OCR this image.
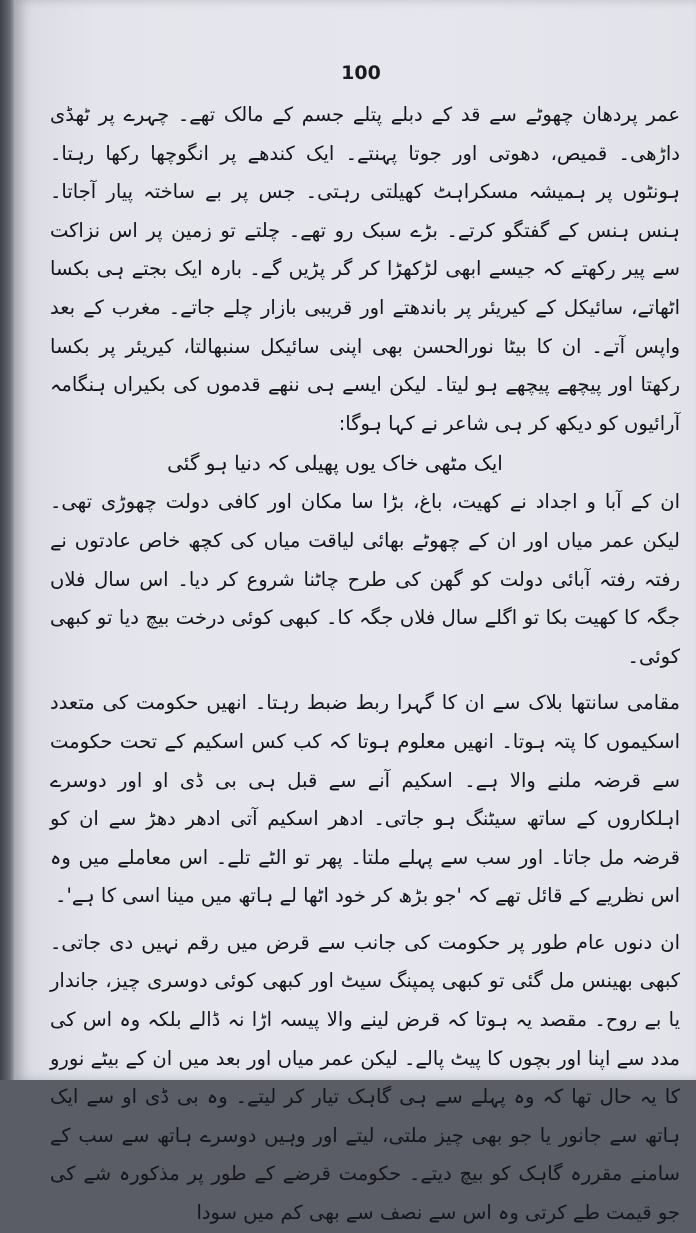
100

عمر پردھان چھوٹے سے قد کے دبلے پتلے جسم کے مالک تھے۔ چہرے پر ٹھڈی داڑھی۔ قمیص، دھوتی اور جوتا پہنتے۔ ایک کندھے پر انگوچھا رکھا رہتا۔ ہونٹوں پر ہمیشہ مسکراہٹ کھیلتی رہتی۔ جس پر بے ساختہ پیار آجاتا۔ ہنس ہنس کے گفتگو کرتے۔ بڑے سبک رو تھے۔ چلتے تو زمین پر اس نزاکت سے پیر رکھتے کہ جیسے ابھی لڑکھڑا کر گر پڑیں گے۔ بارہ ایک بجتے ہی بکسا اٹھاتے، سائیکل کے کیریئر پر باندھتے اور قریبی بازار چلے جاتے۔ مغرب کے بعد واپس آتے۔ ان کا بیٹا نورالحسن بھی اپنی سائیکل سنبھالتا، کیریئر پر بکسا رکھتا اور پیچھے پیچھے ہو لیتا۔ لیکن ایسے ہی ننھے قدموں کی بکیراں ہنگامہ آرائیوں کو دیکھ کر ہی شاعر نے کہا ہوگا:

ایک مٹھی خاک یوں پھیلی کہ دنیا ہو گئی

ان کے آبا و اجداد نے کھیت، باغ، بڑا سا مکان اور کافی دولت چھوڑی تھی۔ لیکن عمر میاں اور ان کے چھوٹے بھائی لیاقت میاں کی کچھ خاص عادتوں نے رفتہ رفتہ آبائی دولت کو گھن کی طرح چاٹنا شروع کر دیا۔ اس سال فلاں جگہ کا کھیت بکا تو اگلے سال فلاں جگہ کا۔ کبھی کوئی درخت بیچ دیا تو کبھی کوئی۔

مقامی سانتھا بلاک سے ان کا گہرا ربط ضبط رہتا۔ انھیں حکومت کی متعدد اسکیموں کا پتہ ہوتا۔ انھیں معلوم ہوتا کہ کب کس اسکیم کے تحت حکومت سے قرضہ ملنے والا ہے۔ اسکیم آنے سے قبل ہی بی ڈی او اور دوسرے اہلکاروں کے ساتھ سیٹنگ ہو جاتی۔ ادھر اسکیم آتی ادھر دھڑ سے ان کو قرضہ مل جاتا۔ اور سب سے پہلے ملتا۔ پھر تو الٹے تلے۔ اس معاملے میں وہ اس نظریے کے قائل تھے کہ 'جو بڑھ کر خود اٹھا لے ہاتھ میں مینا اسی کا ہے'۔

ان دنوں عام طور پر حکومت کی جانب سے قرض میں رقم نہیں دی جاتی۔ کبھی بھینس مل گئی تو کبھی پمپنگ سیٹ اور کبھی کوئی دوسری چیز، جاندار یا بے روح۔ مقصد یہ ہوتا کہ قرض لینے والا پیسہ اڑا نہ ڈالے بلکہ وہ اس کی مدد سے اپنا اور بچوں کا پیٹ پالے۔ لیکن عمر میاں اور بعد میں ان کے بیٹے نورو کا یہ حال تھا کہ وہ پہلے سے ہی گاہک تیار کر لیتے۔ وہ بی ڈی او سے ایک ہاتھ سے جانور یا جو بھی چیز ملتی، لیتے اور وہیں دوسرے ہاتھ سے سب کے سامنے مقررہ گاہک کو بیچ دیتے۔ حکومت قرضے کے طور پر مذکورہ شے کی جو قیمت طے کرتی وہ اس سے نصف سے بھی کم میں سودا
